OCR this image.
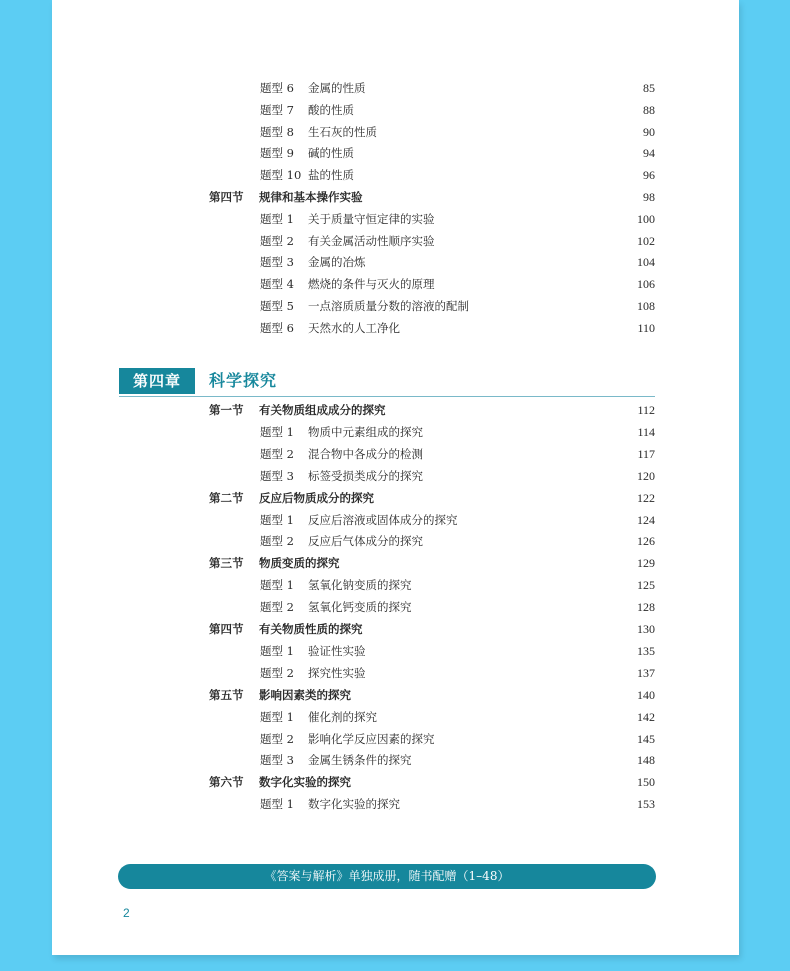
题型 6	金属的性质	85
题型 7	酸的性质	88
题型 8	生石灰的性质	90
题型 9	碱的性质	94
题型 10 盐的性质	96
第四节	规律和基本操作实验	98
题型 1	关于质量守恒定律的实验	100
题型 2	有关金属活动性顺序实验	102
题型 3	金属的冶炼	104
题型 4	燃烧的条件与灭火的原理	106
题型 5	一点溶质质量分数的溶液的配制	108
题型 6	天然水的人工净化	110
第一节	有关物质组成成分的探究	112
题型 1	物质中元素组成的探究	114
题型 2	混合物中各成分的检测	117
题型 3	标签受损类成分的探究	120
第二节	反应后物质成分的探究	122
题型 1	反应后溶液或固体成分的探究	124
题型 2	反应后气体成分的探究	126
第三节	物质变质的探究	129
题型 1	氢氧化钠变质的探究	125
题型 2	氢氧化钙变质的探究	128
第四节	有关物质性质的探究	130
题型 1	验证性实验	135
题型 2	探究性实验	137
第五节	影响因素类的探究	140
题型 1	催化剂的探究	142
题型 2	影响化学反应因素的探究	145
题型 3	金属生锈条件的探究	148
第六节	数字化实验的探究	150
题型 1	数字化实验的探究	153
第四章	科学探究
《答案与解析》单独成册，随书配赠（1–48）
2
